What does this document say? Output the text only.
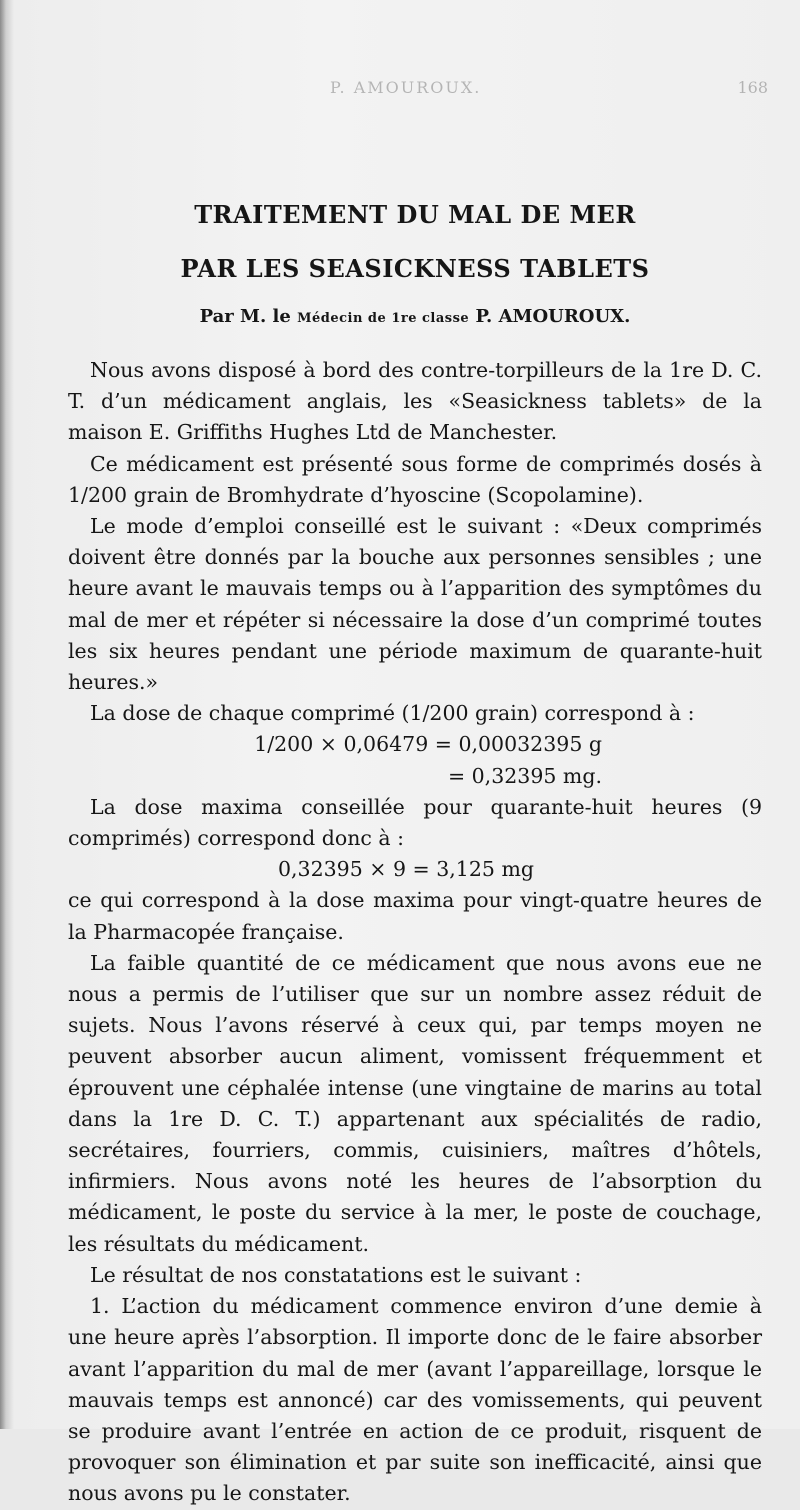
P. AMOUROUX.	168
TRAITEMENT DU MAL DE MER
PAR LES SEASICKNESS TABLETS
Par M. le Médecin de 1re classe P. AMOUROUX.

Nous avons disposé à bord des contre-torpilleurs de la 1re D. C. T. d’un médicament anglais, les «Seasickness tablets» de la maison E. Griffiths Hughes Ltd de Manchester.

Ce médicament est présenté sous forme de comprimés dosés à 1/200 grain de Bromhydrate d’hyoscine (Scopolamine).

Le mode d’emploi conseillé est le suivant : «Deux comprimés doivent être donnés par la bouche aux personnes sensibles ; une heure avant le mauvais temps ou à l’apparition des symptômes du mal de mer et répéter si nécessaire la dose d’un comprimé toutes les six heures pendant une période maximum de quarante-huit heures.»

La dose de chaque comprimé (1/200 grain) correspond à :

1/200 × 0,06479 = 0,00032395 g

= 0,32395 mg.

La dose maxima conseillée pour quarante-huit heures (9 comprimés) correspond donc à :

0,32395 × 9 = 3,125 mg

ce qui correspond à la dose maxima pour vingt-quatre heures de la Pharmacopée française.

La faible quantité de ce médicament que nous avons eue ne nous a permis de l’utiliser que sur un nombre assez réduit de sujets. Nous l’avons réservé à ceux qui, par temps moyen ne peuvent absorber aucun aliment, vomissent fréquemment et éprouvent une céphalée intense (une vingtaine de marins au total dans la 1re D. C. T.) appartenant aux spécialités de radio, secrétaires, fourriers, commis, cuisiniers, maîtres d’hôtels, infirmiers. Nous avons noté les heures de l’absorption du médicament, le poste du service à la mer, le poste de couchage, les résultats du médicament.

Le résultat de nos constatations est le suivant :

1. L’action du médicament commence environ d’une demie à une heure après l’absorption. Il importe donc de le faire absorber avant l’apparition du mal de mer (avant l’appareillage, lorsque le mauvais temps est annoncé) car des vomissements, qui peuvent se produire avant l’entrée en action de ce produit, risquent de provoquer son élimination et par suite son inefficacité, ainsi que nous avons pu le constater.
